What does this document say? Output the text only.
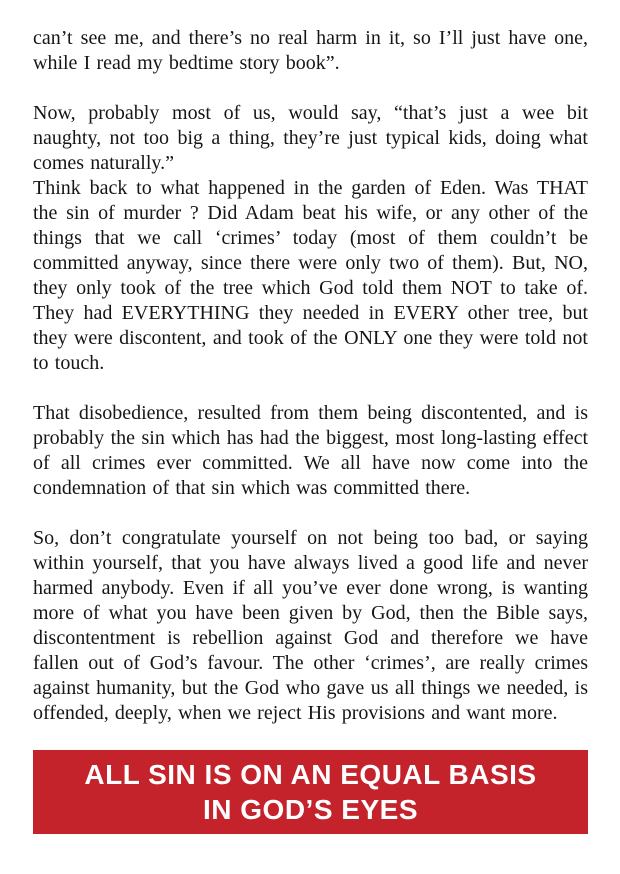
can’t see me, and there’s no real harm in it, so I’ll just have one, while I read my bedtime story book”.

Now, probably most of us, would say, “that’s just a wee bit naughty, not too big a thing, they’re just typical kids, doing what comes naturally.”

Think back to what happened in the garden of Eden. Was THAT the sin of murder ? Did Adam beat his wife, or any other of the things that we call ‘crimes’ today (most of them couldn’t be committed anyway, since there were only two of them). But, NO, they only took of the tree which God told them NOT to take of. They had EVERYTHING they needed in EVERY other tree, but they were discontent, and took of the ONLY one they were told not to touch.

That disobedience, resulted from them being discontented, and is probably the sin which has had the biggest, most long-lasting effect of all crimes ever committed. We all have now come into the condemnation of that sin which was committed there.

So, don’t congratulate yourself on not being too bad, or saying within yourself, that you have always lived a good life and never harmed anybody. Even if all you’ve ever done wrong, is wanting more of what you have been given by God, then the Bible says, discontentment is rebellion against God and therefore we have fallen out of God’s favour. The other ‘crimes’, are really crimes against humanity, but the God who gave us all things we needed, is offended, deeply, when we reject His provisions and want more.

ALL SIN IS ON AN EQUAL BASIS
IN GOD’S EYES
